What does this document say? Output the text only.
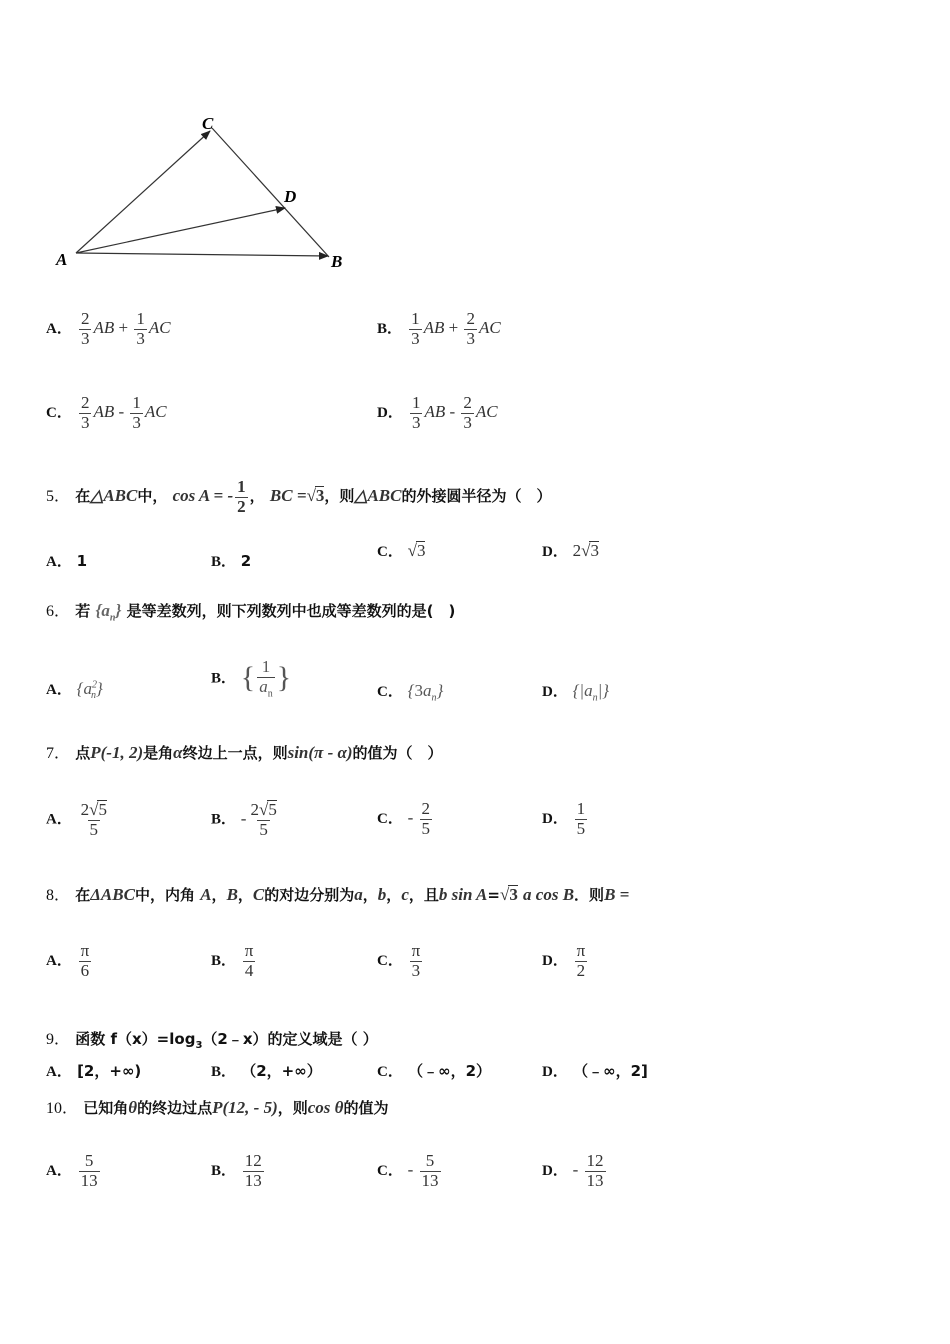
C
D
A	B
A． $\frac{2}{3}$ AB + $\frac{1}{3}$ AC	B． $\frac{1}{3}$ AB + $\frac{2}{3}$ AC
C． $\frac{2}{3}$ AB - $\frac{1}{3}$ AC	D． $\frac{1}{3}$ AB - $\frac{2}{3}$ AC
5． 在△ABC中， cos A = - $\frac{1}{2}$ ， BC =√3，则△ABC的外接圆半径为（　）
A． 1	B． 2	C． √3	D． 2√3
6． 若 $\{a_n\}$ 是等差数列，则下列数列中也成等差数列的是(　)
A． $\{a^2_n\}$
B． { $\frac{1}{a_n}$ }	C． $\{3a_n\}$	D． $\{|a_n|\}$
7． 点P(-1, 2)是角α终边上一点，则sin(π - α)的值为（　）
A． $\frac{2√5}{5}$	B． - $\frac{2√5}{5}$	C． - $\frac{2}{5}$	D． $\frac{1}{5}$
8． 在ΔABC中，内角 A，B，C的对边分别为a，b，c，且b sin A=√3 a cos B．则B =
A． $\frac{\pi}{6}$	B． $\frac{\pi}{4}$	C． $\frac{\pi}{3}$	D． $\frac{\pi}{2}$
9． 函数 $f(x)=\log_3(2﹣x)$的定义域是（ ）
A． [2，+∞)	B． （2，+∞）	C． （﹣∞，2）	D． （﹣∞，2]
10． 已知角θ的终边过点P(12, - 5)，则cos θ的值为
A． $\frac{5}{13}$	B． $\frac{12}{13}$	C． - $\frac{5}{13}$	D． - $\frac{12}{13}$
